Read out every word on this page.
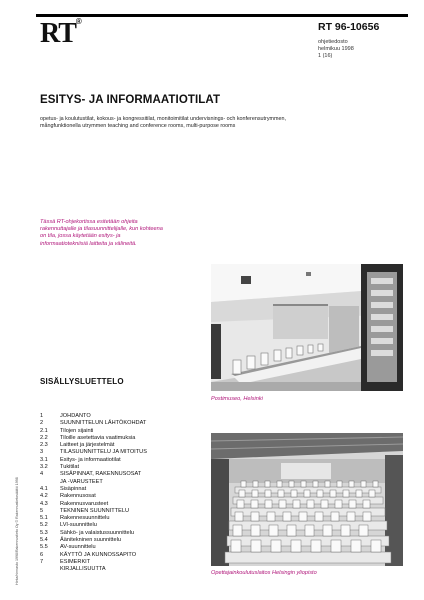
RT®	RT 96-10656
ohjetiedosto
helmikuu 1998
1 (16)
ESITYS- JA INFORMAATIOTILAT
opetus- ja koulutustilat, kokous- ja kongressitilat, monitoimitilat undervisnings- och konferensutrymmen, mångfunktionella utrymmen teaching and conference rooms, multi-purpose rooms
Tässä RT-ohjekortissa esitetään ohjeita rakennuttajalle ja tilasuunnittelijalle, kun kohteena on tila, jossa käytetään esitys- ja informaatiotekniisiä laitteita ja välineitä.
Postimuseo, Helsinki
Opettajainkoulutuslaitos Helsingin yliopisto
SISÄLLYSLUETTELO
1	JOHDANTO
2	SUUNNITTELUN LÄHTÖKOHDAT
2.1	Tilojen sijainti
2.2	Tiloille asetettavia vaatimuksia
2.3	Laitteet ja järjestelmät
3	TILASUUNNITTELU JA MITOITUS
3.1	Esitys- ja informaatiotilat
3.2	Tukitilat
4	SISÄPINNAT, RAKENNUSOSAT
JA -VARUSTEET
4.1	Sisäpinnat
4.2	Rakennusosat
4.3	Rakennusvarusteet
5	TEKNINEN SUUNNITTELU
5.1	Rakennesuunnittelu
5.2	LVI-suunnittelu
5.3	Sähkö- ja valaistussuunnittelu
5.4	Äänitekninen suunnittelu
5.5	AV-suunnittelu
6	KÄYTTÖ JA KUNNOSSAPITO
7	ESIMERKIT
KIRJALLISUUTTA
Hinta/hinnasto 1998/Rakennustieto Oy © Rakennustietosäätiö 1998
